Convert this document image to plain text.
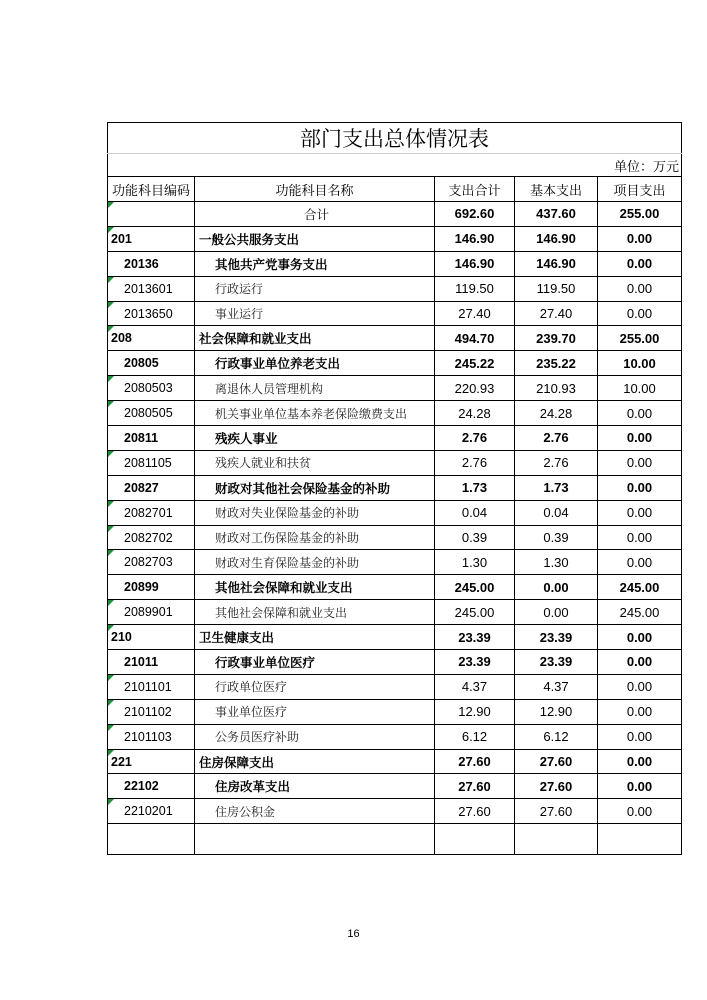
部门支出总体情况表				
单位：万元				
功能科目编码	功能科目名称	支出合计	基本支出	项目支出

	合计	692.60	437.60	255.00

201	一般公共服务支出	146.90	146.90	0.00
20136	其他共产党事务支出	146.90	146.90	0.00

2013601	行政运行	119.50	119.50	0.00

2013650	事业运行	27.40	27.40	0.00

208	社会保障和就业支出	494.70	239.70	255.00
20805	行政事业单位养老支出	245.22	235.22	10.00

2080503	离退休人员管理机构	220.93	210.93	10.00

2080505	机关事业单位基本养老保险缴费支出	24.28	24.28	0.00
20811	残疾人事业	2.76	2.76	0.00

2081105	残疾人就业和扶贫	2.76	2.76	0.00
20827	财政对其他社会保险基金的补助	1.73	1.73	0.00

2082701	财政对失业保险基金的补助	0.04	0.04	0.00

2082702	财政对工伤保险基金的补助	0.39	0.39	0.00

2082703	财政对生育保险基金的补助	1.30	1.30	0.00
20899	其他社会保障和就业支出	245.00	0.00	245.00

2089901	其他社会保障和就业支出	245.00	0.00	245.00

210	卫生健康支出	23.39	23.39	0.00
21011	行政事业单位医疗	23.39	23.39	0.00

2101101	行政单位医疗	4.37	4.37	0.00

2101102	事业单位医疗	12.90	12.90	0.00

2101103	公务员医疗补助	6.12	6.12	0.00

221	住房保障支出	27.60	27.60	0.00
22102	住房改革支出	27.60	27.60	0.00

2210201	住房公积金	27.60	27.60	0.00

16
